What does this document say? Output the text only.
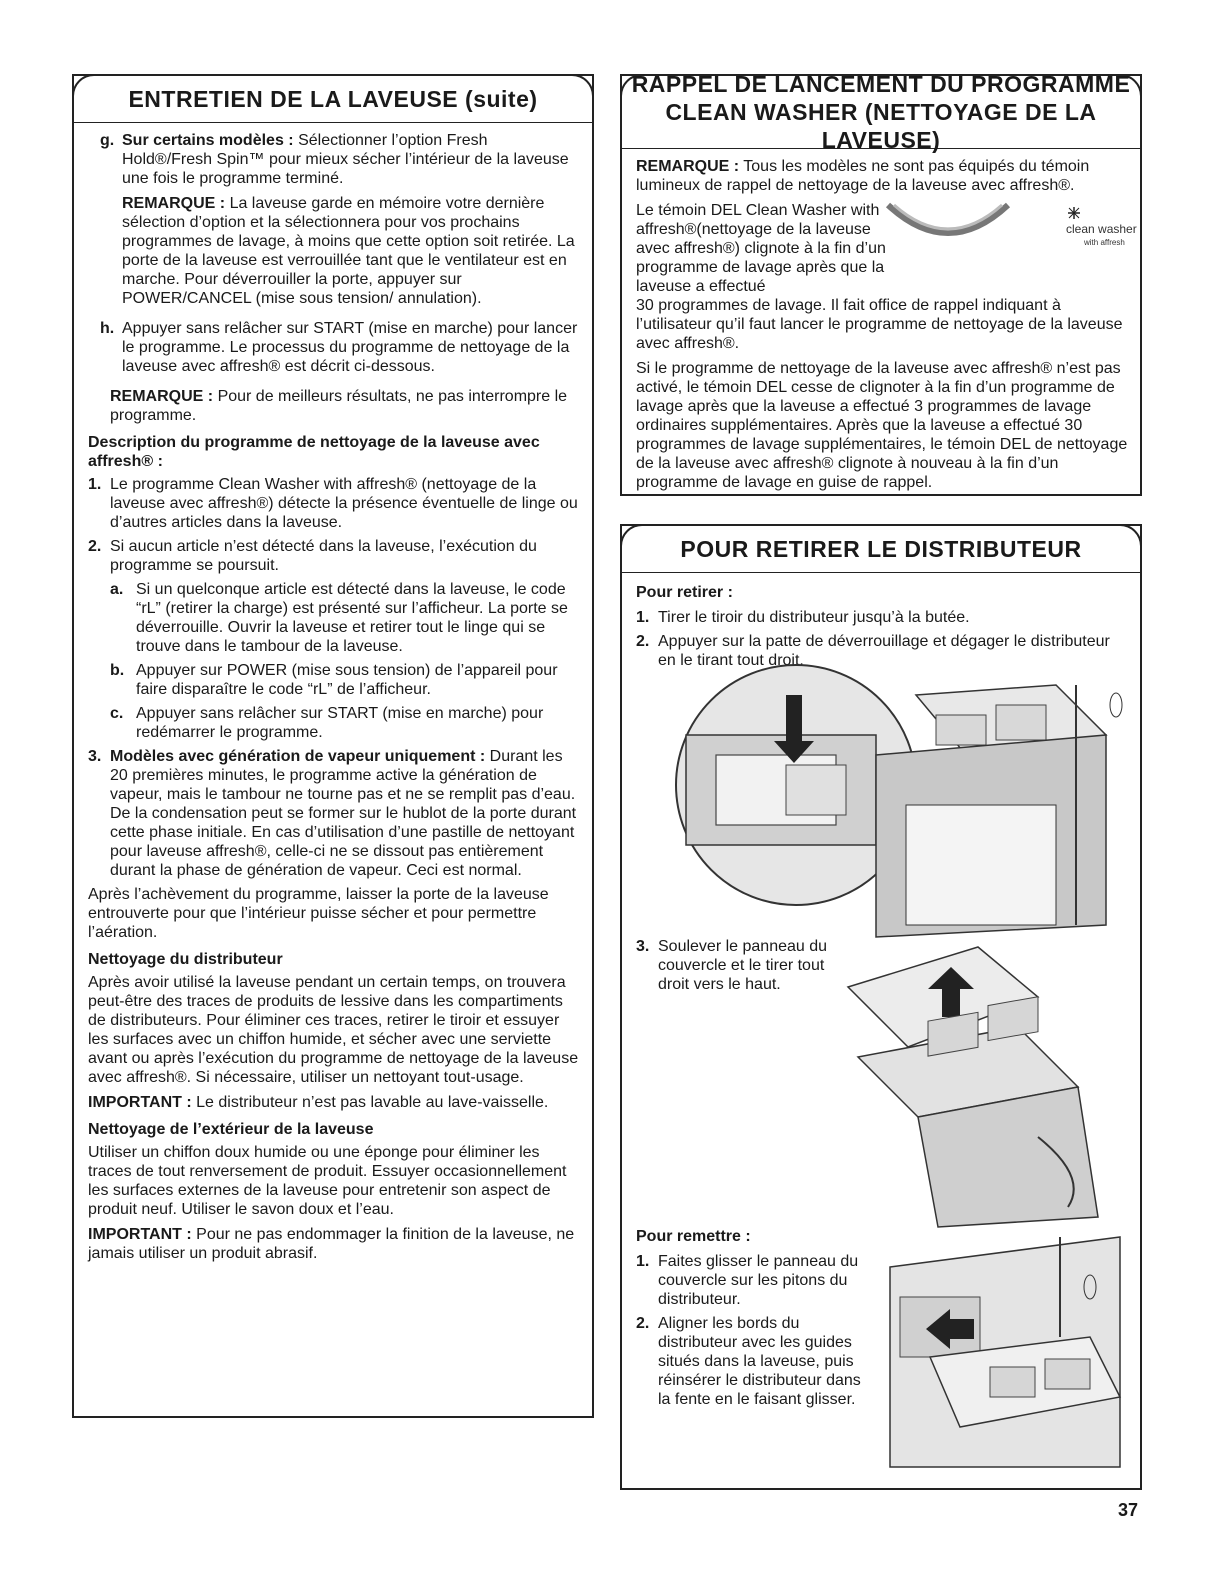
ENTRETIEN DE LA LAVEUSE (suite)
g. Sur certains modèles : Sélectionner l’option Fresh Hold®/Fresh Spin™ pour mieux sécher l’intérieur de la laveuse une fois le programme terminé.

REMARQUE : La laveuse garde en mémoire votre dernière sélection d’option et la sélectionnera pour vos prochains programmes de lavage, à moins que cette option soit retirée. La porte de la laveuse est verrouillée tant que le ventilateur est en marche. Pour déverrouiller la porte, appuyer sur POWER/CANCEL (mise sous tension/ annulation).

h. Appuyer sans relâcher sur START (mise en marche) pour lancer le programme. Le processus du programme de nettoyage de la laveuse avec affresh® est décrit ci-dessous.

REMARQUE : Pour de meilleurs résultats, ne pas interrompre le programme.

Description du programme de nettoyage de la laveuse avec affresh® :

1. Le programme Clean Washer with affresh® (nettoyage de la laveuse avec affresh®) détecte la présence éventuelle de linge ou d’autres articles dans la laveuse.
2. Si aucun article n’est détecté dans la laveuse, l’exécution du programme se poursuit.
a. Si un quelconque article est détecté dans la laveuse, le code “rL” (retirer la charge) est présenté sur l’afficheur. La porte se déverrouille. Ouvrir la laveuse et retirer tout le linge qui se trouve dans le tambour de la laveuse.
b. Appuyer sur POWER (mise sous tension) de l’appareil pour faire disparaître le code “rL” de l’afficheur.
c. Appuyer sans relâcher sur START (mise en marche) pour redémarrer le programme.
3. Modèles avec génération de vapeur uniquement : Durant les 20 premières minutes, le programme active la génération de vapeur, mais le tambour ne tourne pas et ne se remplit pas d’eau. De la condensation peut se former sur le hublot de la porte durant cette phase initiale. En cas d’utilisation d’une pastille de nettoyant pour laveuse affresh®, celle-ci ne se dissout pas entièrement durant la phase de génération de vapeur. Ceci est normal.

Après l’achèvement du programme, laisser la porte de la laveuse entrouverte pour que l’intérieur puisse sécher et pour permettre l’aération.

Nettoyage du distributeur

Après avoir utilisé la laveuse pendant un certain temps, on trouvera peut-être des traces de produits de lessive dans les compartiments de distributeurs. Pour éliminer ces traces, retirer le tiroir et essuyer les surfaces avec un chiffon humide, et sécher avec une serviette avant ou après l’exécution du programme de nettoyage de la laveuse avec affresh®. Si nécessaire, utiliser un nettoyant tout-usage.

IMPORTANT : Le distributeur n’est pas lavable au lave-vaisselle.

Nettoyage de l’extérieur de la laveuse

Utiliser un chiffon doux humide ou une éponge pour éliminer les traces de tout renversement de produit. Essuyer occasionnellement les surfaces externes de la laveuse pour entretenir son aspect de produit neuf. Utiliser le savon doux et l’eau.

IMPORTANT : Pour ne pas endommager la finition de la laveuse, ne jamais utiliser un produit abrasif.

RAPPEL DE LANCEMENT DU PROGRAMME
CLEAN WASHER (NETTOYAGE DE LA LAVEUSE)

REMARQUE : Tous les modèles ne sont pas équipés du témoin lumineux de rappel de nettoyage de la laveuse avec affresh®.

Le témoin DEL Clean Washer with affresh®(nettoyage de la laveuse avec affresh®) clignote à la fin d’un programme de lavage après que la laveuse a effectué

clean washer
with affresh

30 programmes de lavage. Il fait office de rappel indiquant à l’utilisateur qu’il faut lancer le programme de nettoyage de la laveuse avec affresh®.

Si le programme de nettoyage de la laveuse avec affresh® n’est pas activé, le témoin DEL cesse de clignoter à la fin d’un programme de lavage après que la laveuse a effectué 3 programmes de lavage ordinaires supplémentaires. Après que la laveuse a effectué 30 programmes de lavage supplémentaires, le témoin DEL de nettoyage de la laveuse avec affresh® clignote à nouveau à la fin d’un programme de lavage en guise de rappel.

POUR RETIRER LE DISTRIBUTEUR

Pour retirer :

1. Tirer le tiroir du distributeur jusqu’à la butée.
2. Appuyer sur la patte de déverrouillage et dégager le distributeur en le tirant tout droit.
3. Soulever le panneau du couvercle et le tirer tout droit vers le haut.

Pour remettre :

1. Faites glisser le panneau du couvercle sur les pitons du distributeur.
2. Aligner les bords du distributeur avec les guides situés dans la laveuse, puis réinsérer le distributeur dans la fente en le faisant glisser.
37
